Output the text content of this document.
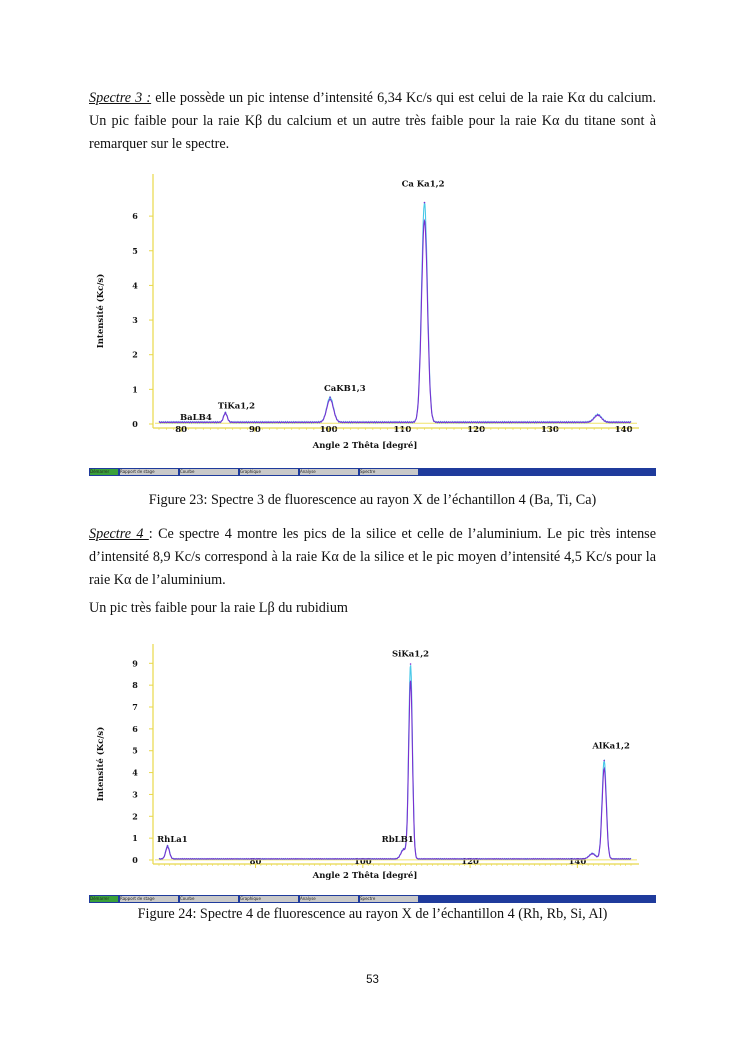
Spectre 3 : elle possède un pic intense d’intensité 6,34 Kc/s qui est celui de la raie Kα du calcium. Un pic faible pour la raie Kβ du calcium et un autre très faible pour la raie Kα du titane sont à remarquer sur le spectre.

0
1
2
3
4
5
6
80	90	100	110	120	130	140
Angle 2 Thêta [degré]
Intensité (Kc/s)
Ca Ka1,2
CaKB1,3
TiKa1,2
BaLB4
Démarrer	Rapport de stage	Courbe	Graphique	Analyse	Spectre
Figure 23: Spectre 3 de fluorescence au rayon X de l’échantillon 4 (Ba, Ti, Ca)

Spectre 4 : Ce spectre 4 montre les pics de la silice et celle de l’aluminium. Le pic très intense d’intensité 8,9 Kc/s correspond à la raie Kα de la silice et le pic moyen d’intensité 4,5 Kc/s pour la raie Kα de l’aluminium.

Un pic très faible pour la raie Lβ du rubidium

0
1
2
3
4
5
6
7
8
9
80	100	120	140
Angle 2 Thêta [degré]
Intensité (Kc/s)
SiKa1,2
AlKa1,2
RbLB1
RhLa1
Démarrer	Rapport de stage	Courbe	Graphique	Analyse	Spectre
Figure 24: Spectre 4 de fluorescence au rayon X de l’échantillon 4 (Rh, Rb, Si, Al)
53
